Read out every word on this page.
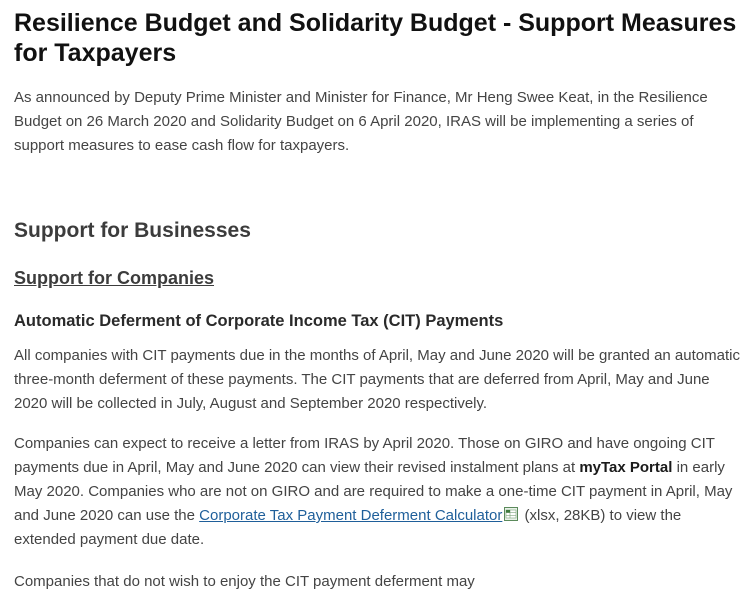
Resilience Budget and Solidarity Budget - Support Measures for Taxpayers

As announced by Deputy Prime Minister and Minister for Finance, Mr Heng Swee Keat, in the Resilience Budget on 26 March 2020 and Solidarity Budget on 6 April 2020, IRAS will be implementing a series of support measures to ease cash flow for taxpayers.

Support for Businesses
Support for Companies
Automatic Deferment of Corporate Income Tax (CIT) Payments

All companies with CIT payments due in the months of April, May and June 2020 will be granted an automatic three-month deferment of these payments. The CIT payments that are deferred from April, May and June 2020 will be collected in July, August and September 2020 respectively.

Companies can expect to receive a letter from IRAS by April 2020. Those on GIRO and have ongoing CIT payments due in April, May and June 2020 can view their revised instalment plans at myTax Portal in early May 2020. Companies who are not on GIRO and are required to make a one-time CIT payment in April, May and June 2020 can use the Corporate Tax Payment Deferment Calculator (xlsx, 28KB) to view the extended payment due date.

Companies that do not wish to enjoy the CIT payment deferment may
